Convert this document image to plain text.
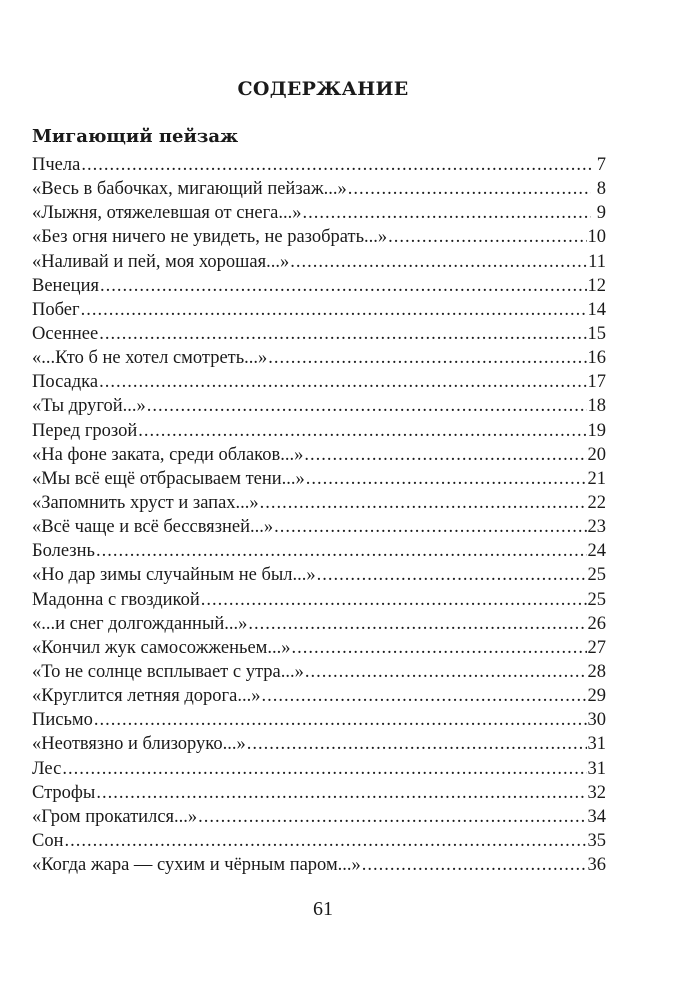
СОДЕРЖАНИЕ
Мигающий пейзаж
Пчела .....	7
«Весь в бабочках, мигающий пейзаж...» .....	8
«Лыжня, отяжелевшая от снега...» .....	9
«Без огня ничего не увидеть, не разобрать...» .....	10
«Наливай и пей, моя хорошая...» .....	11
Венеция .....	12
Побег .....	14
Осеннее .....	15
«...Кто б не хотел смотреть...» .....	16
Посадка .....	17
«Ты другой...» .....	18
Перед грозой .....	19
«На фоне заката, среди облаков...» .....	20
«Мы всё ещё отбрасываем тени...» .....	21
«Запомнить хруст и запах...» .....	22
«Всё чаще и всё бессвязней...» .....	23
Болезнь .....	24
«Но дар зимы случайным не был...» .....	25
Мадонна с гвоздикой .....	25
«...и снег долгожданный...» .....	26
«Кончил жук самосожженьем...» .....	27
«То не солнце всплывает с утра...» .....	28
«Круглится летняя дорога...» .....	29
Письмо .....	30
«Неотвязно и близоруко...» .....	31
Лес .....	31
Строфы .....	32
«Гром прокатился...» .....	34
Сон .....	35
«Когда жара — сухим и чёрным паром...» .....	36
61
